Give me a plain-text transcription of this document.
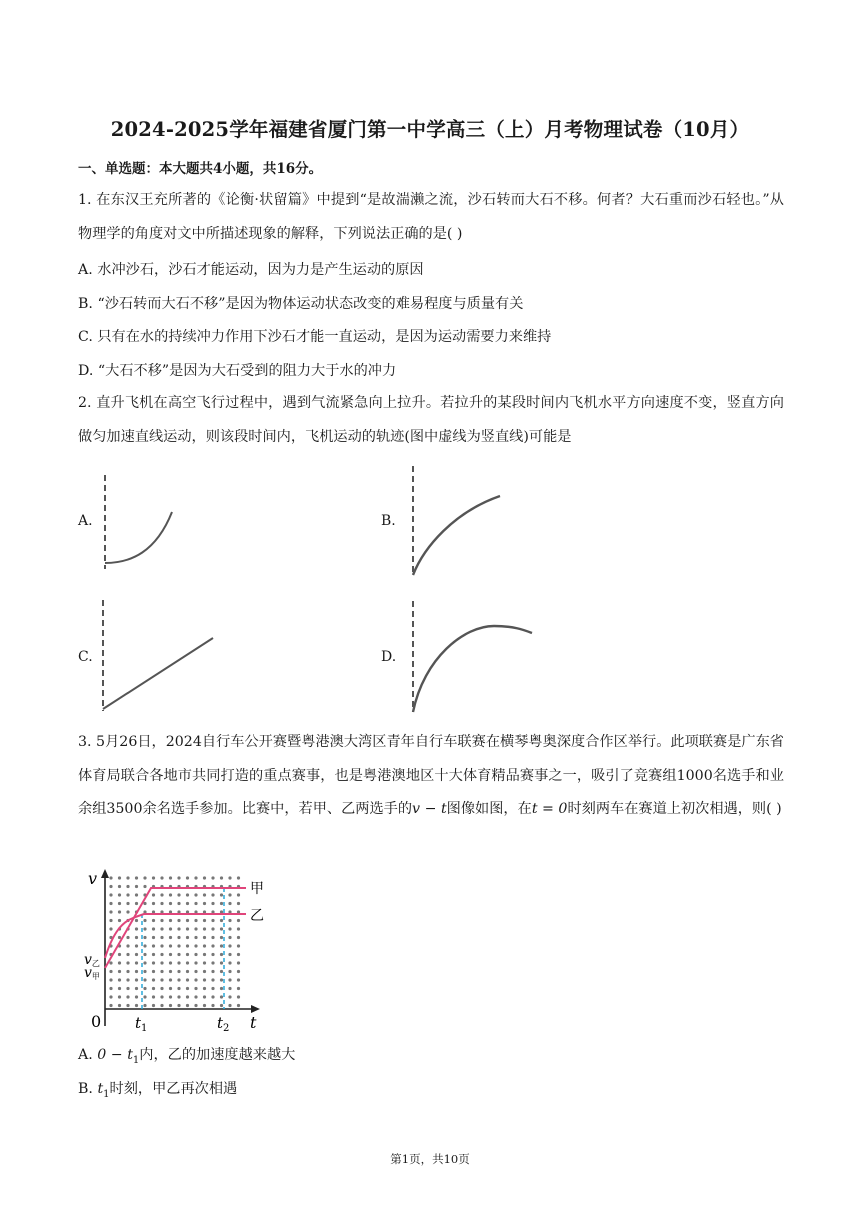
2024-2025学年福建省厦门第一中学高三（上）月考物理试卷（10月）
一、单选题：本大题共4小题，共16分。
1. 在东汉王充所著的《论衡·状留篇》中提到“是故湍濑之流，沙石转而大石不移。何者？大石重而沙石轻也。”从物理学的角度对文中所描述现象的解释，下列说法正确的是( )
A. 水冲沙石，沙石才能运动，因为力是产生运动的原因
B. “沙石转而大石不移”是因为物体运动状态改变的难易程度与质量有关
C. 只有在水的持续冲力作用下沙石才能一直运动，是因为运动需要力来维持
D. “大石不移”是因为大石受到的阻力大于水的冲力
2. 直升飞机在高空飞行过程中，遇到气流紧急向上拉升。若拉升的某段时间内飞机水平方向速度不变，竖直方向做匀加速直线运动，则该段时间内，飞机运动的轨迹(图中虚线为竖直线)可能是
A.	B.
C.	D.
3. 5月26日，2024自行车公开赛暨粤港澳大湾区青年自行车联赛在横琴粤奥深度合作区举行。此项联赛是广东省体育局联合各地市共同打造的重点赛事，也是粤港澳地区十大体育精品赛事之一，吸引了竞赛组1000名选手和业余组3500余名选手参加。比赛中，若甲、乙两选手的v − t图像如图，在t = 0时刻两车在赛道上初次相遇，则( )
v
t
0 $t_1$	$t_2$
v乙
v甲
甲
乙
A. $0 - t_1$内，乙的加速度越来越大
B. $t_1$时刻，甲乙再次相遇
第1页，共10页
